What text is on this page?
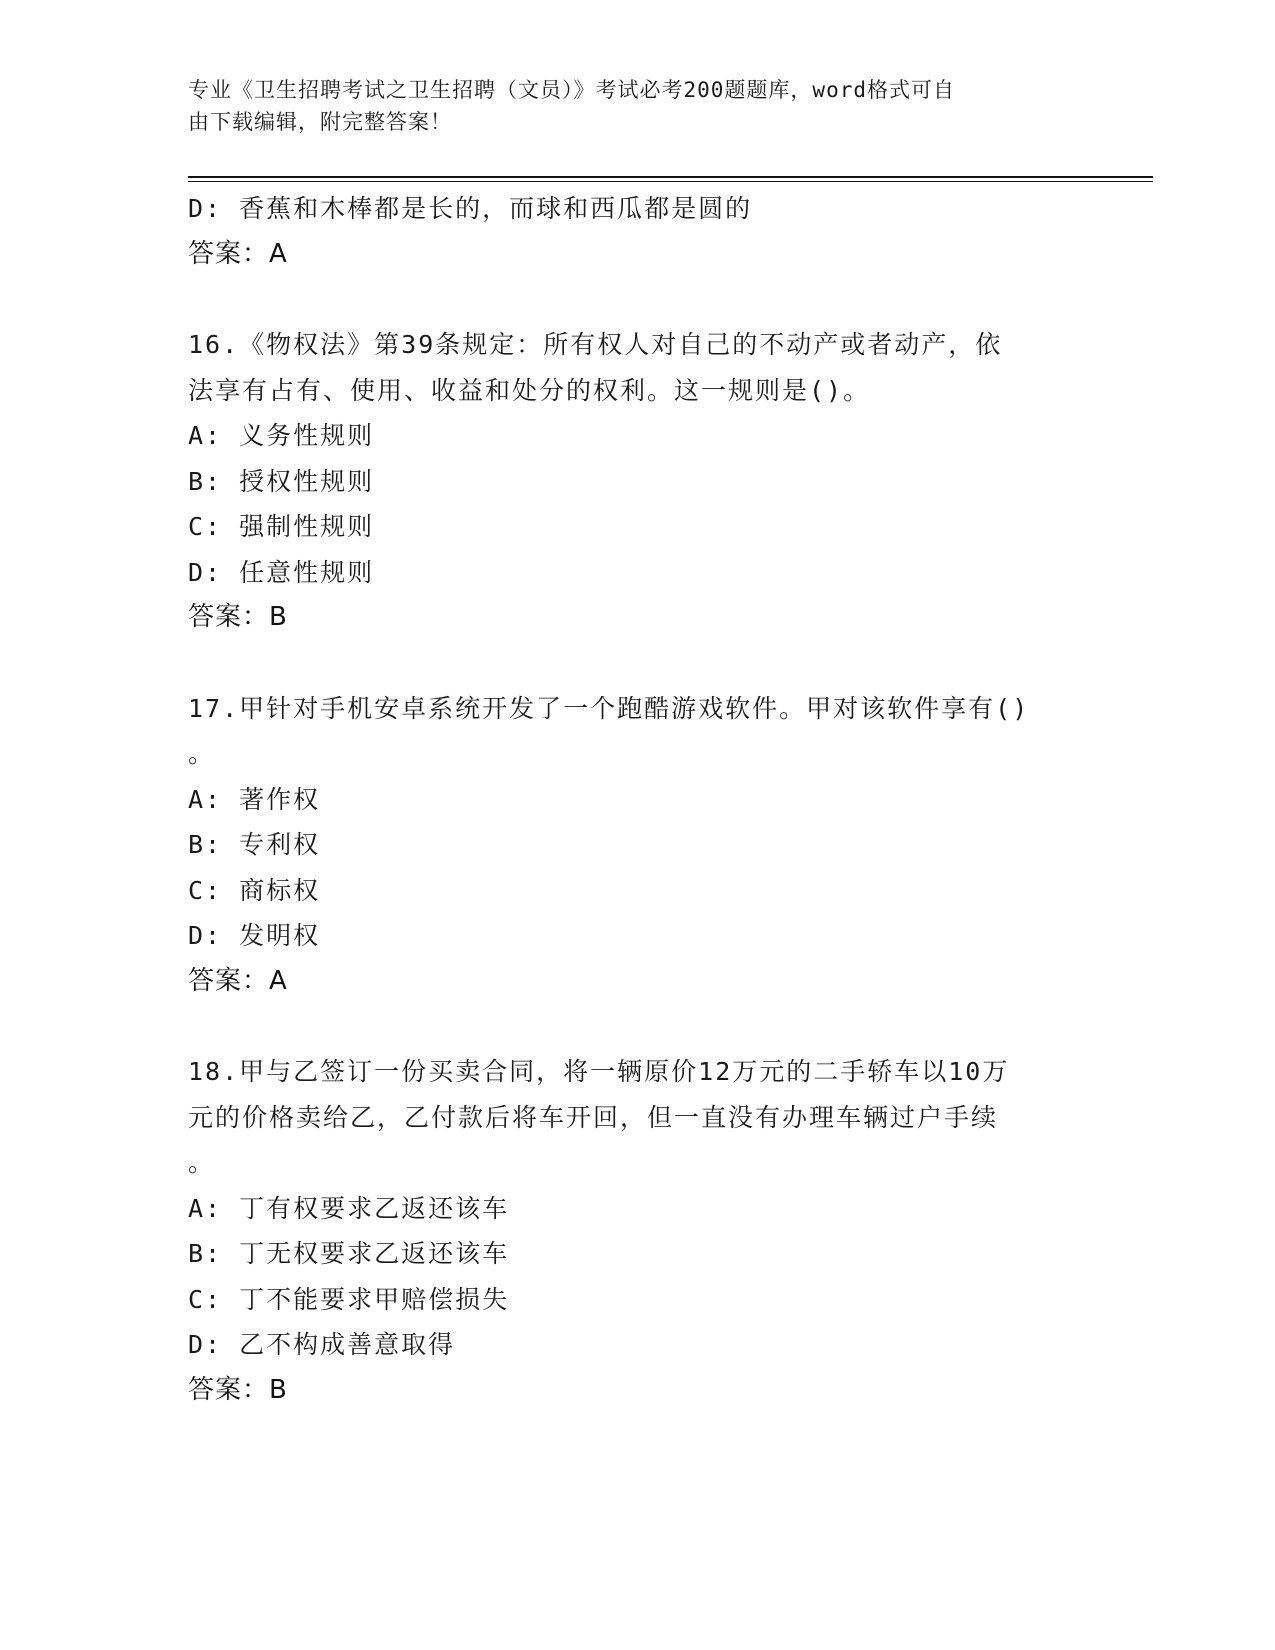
专业《卫生招聘考试之卫生招聘（文员）》考试必考200题题库，word格式可自
由下载编辑，附完整答案！
D: 香蕉和木棒都是长的，而球和西瓜都是圆的
答案：A
16.《物权法》第39条规定：所有权人对自己的不动产或者动产，依
法享有占有、使用、收益和处分的权利。这一规则是()。
A: 义务性规则
B: 授权性规则
C: 强制性规则
D: 任意性规则
答案：B
17.甲针对手机安卓系统开发了一个跑酷游戏软件。甲对该软件享有()
。
A: 著作权
B: 专利权
C: 商标权
D: 发明权
答案：A
18.甲与乙签订一份买卖合同，将一辆原价12万元的二手轿车以10万
元的价格卖给乙，乙付款后将车开回，但一直没有办理车辆过户手续
。
A: 丁有权要求乙返还该车
B: 丁无权要求乙返还该车
C: 丁不能要求甲赔偿损失
D: 乙不构成善意取得
答案：B
